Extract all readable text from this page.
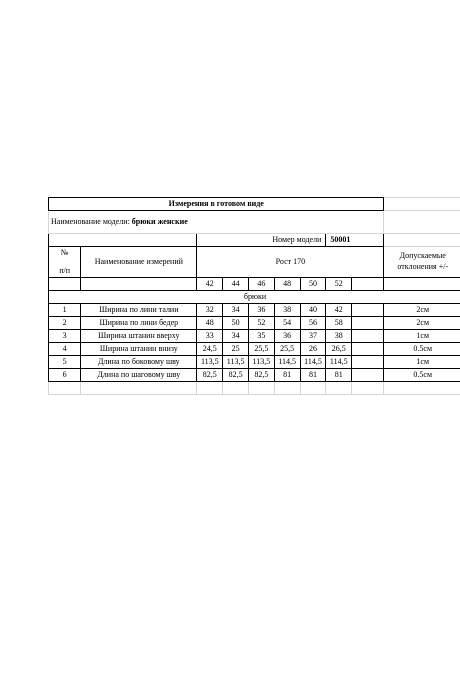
Измерения в готовом виде									
Наименование модели: брюки женские									
		Номер модели					50001		

№
п/п	Наименование измерений	Рост 170							Допускаемые отклонения +/-
		42	44	46	48	50	52		
брюки									
1	Ширина по лини талии	32	34	36	38	40	42		2см
2	Ширина по лини бедер	48	50	52	54	56	58		2см
3	Ширина штанин вверху	33	34	35	36	37	38		1см
4	Ширина штанин внизу	24,5	25	25,5	25,5	26	26,5		0.5см
5	Длина по боковому шву	113,5	113,5	113,5	114,5	114,5	114,5		1см
6	Длина по шаговому шву	82,5	82,5	82,5	81	81	81		0.5см
